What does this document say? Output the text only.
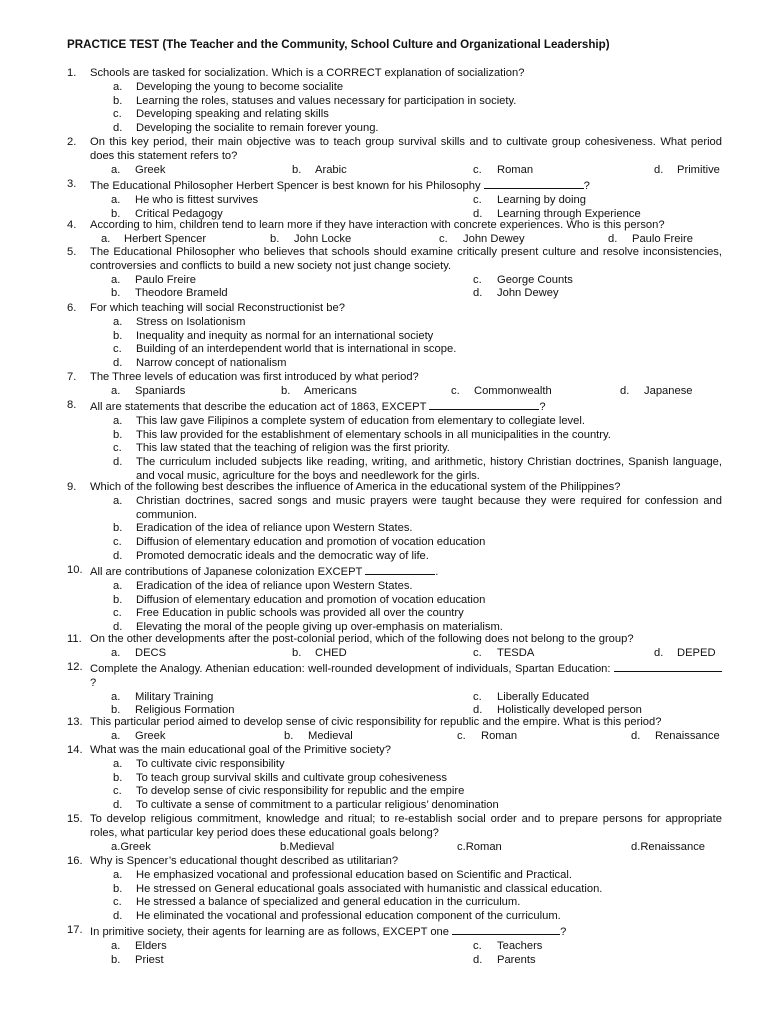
PRACTICE TEST (The Teacher and the Community, School Culture and Organizational Leadership)
1. Schools are tasked for socialization. Which is a CORRECT explanation of socialization?
a. Developing the young to become socialite
b. Learning the roles, statuses and values necessary for participation in society.
c. Developing speaking and relating skills
d. Developing the socialite to remain forever young.
2. On this key period, their main objective was to teach group survival skills and to cultivate group cohesiveness. What period does this statement refers to?
a. Greek	b. Arabic	c. Roman	d. Primitive
3. The Educational Philosopher Herbert Spencer is best known for his Philosophy	?
a. He who is fittest survives	c. Learning by doing
b. Critical Pedagogy	d. Learning through Experience
4. According to him, children tend to learn more if they have interaction with concrete experiences. Who is this person?
a. Herbert Spencer	b. John Locke	c. John Dewey	d. Paulo Freire
5. The Educational Philosopher who believes that schools should examine critically present culture and resolve inconsistencies, controversies and conflicts to build a new society not just change society.
a. Paulo Freire	c. George Counts
b. Theodore Brameld	d. John Dewey
6. For which teaching will social Reconstructionist be?
a. Stress on Isolationism
b. Inequality and inequity as normal for an international society
c. Building of an interdependent world that is international in scope.
d. Narrow concept of nationalism
7. The Three levels of education was first introduced by what period?
a. Spaniards	b. Americans	c. Commonwealth	d. Japanese
8. All are statements that describe the education act of 1863, EXCEPT	?
a. This law gave Filipinos a complete system of education from elementary to collegiate level.
b. This law provided for the establishment of elementary schools in all municipalities in the country.
c. This law stated that the teaching of religion was the first priority.
d. The curriculum included subjects like reading, writing, and arithmetic, history Christian doctrines, Spanish language, and vocal music, agriculture for the boys and needlework for the girls.
9. Which of the following best describes the influence of America in the educational system of the Philippines?
a. Christian doctrines, sacred songs and music prayers were taught because they were required for confession and communion.
b. Eradication of the idea of reliance upon Western States.
c. Diffusion of elementary education and promotion of vocation education
d. Promoted democratic ideals and the democratic way of life.
10. All are contributions of Japanese colonization EXCEPT	.
a. Eradication of the idea of reliance upon Western States.
b. Diffusion of elementary education and promotion of vocation education
c. Free Education in public schools was provided all over the country
d. Elevating the moral of the people giving up over-emphasis on materialism.
11. On the other developments after the post-colonial period, which of the following does not belong to the group?
a. DECS	b. CHED	c. TESDA	d. DEPED
12. Complete the Analogy. Athenian education: well-rounded development of individuals, Spartan Education: ?
a. Military Training	c. Liberally Educated
b. Religious Formation	d. Holistically developed person
13. This particular period aimed to develop sense of civic responsibility for republic and the empire. What is this period?
a. Greek	b. Medieval	c. Roman	d. Renaissance
14. What was the main educational goal of the Primitive society?
a. To cultivate civic responsibility
b. To teach group survival skills and cultivate group cohesiveness
c. To develop sense of civic responsibility for republic and the empire
d. To cultivate a sense of commitment to a particular religious’ denomination
15. To develop religious commitment, knowledge and ritual; to re-establish social order and to prepare persons for appropriate roles, what particular key period does these educational goals belong?
a.Greek	b.Medieval	c.Roman	d.Renaissance
16. Why is Spencer’s educational thought described as utilitarian?
a. He emphasized vocational and professional education based on Scientific and Practical.
b. He stressed on General educational goals associated with humanistic and classical education.
c. He stressed a balance of specialized and general education in the curriculum.
d. He eliminated the vocational and professional education component of the curriculum.
17. In primitive society, their agents for learning are as follows, EXCEPT one	?
a. Elders	c. Teachers
b. Priest	d. Parents
